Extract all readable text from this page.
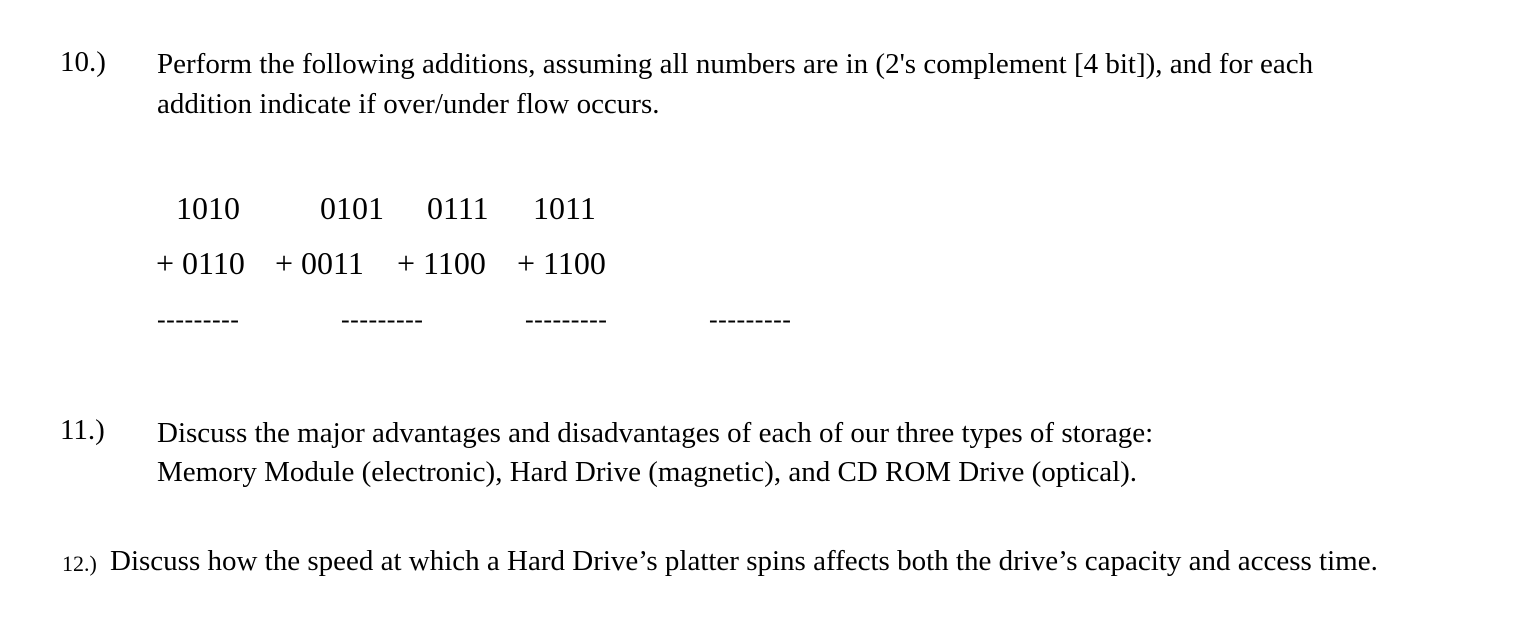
10.) Perform the following additions, assuming all numbers are in (2's complement [4 bit]), and for each
addition indicate if over/under flow occurs.
1010	0101 0111 1011
+ 0110 + 0011 + 1100 + 1100
---------	---------	---------	---------
11.) Discuss the major advantages and disadvantages of each of our three types of storage:
Memory Module (electronic), Hard Drive (magnetic), and CD ROM Drive (optical).
12.) Discuss how the speed at which a Hard Drive’s platter spins affects both the drive’s capacity and access time.
